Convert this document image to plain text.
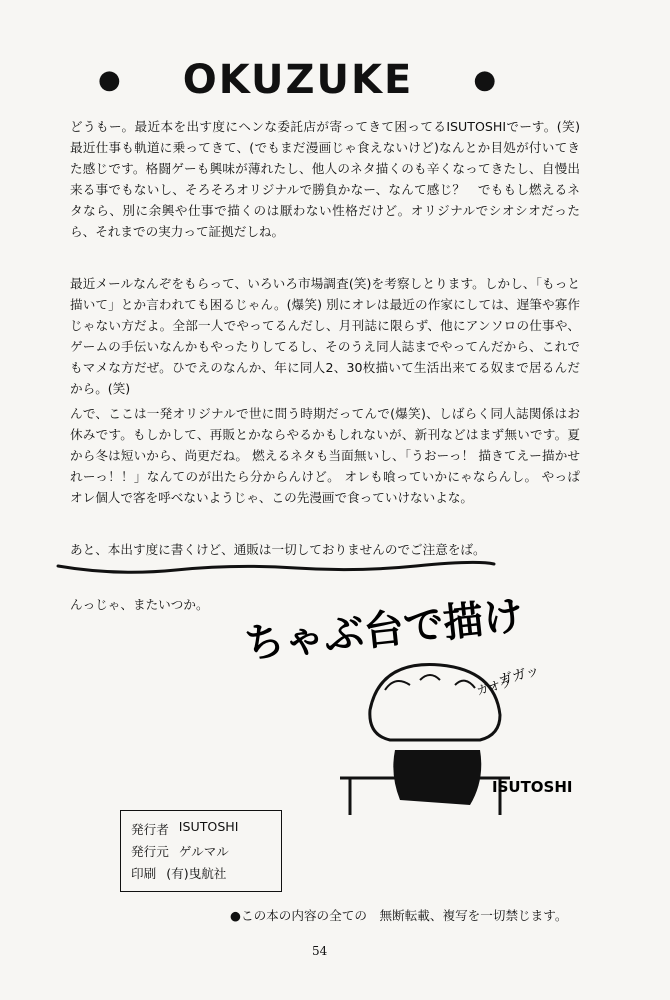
● OKUZUKE ●
どうもー。最近本を出す度にヘンな委託店が寄ってきて困ってるISUTOSHIでーす。(笑) 最近仕事も軌道に乗ってきて、(でもまだ漫画じゃ食えないけど)なんとか目処が付いてきた感じです。格闘ゲーも興味が薄れたし、他人のネタ描くのも辛くなってきたし、自慢出来る事でもないし、そろそろオリジナルで勝負かなー、なんて感じ？　でももし燃えるネタなら、別に余興や仕事で描くのは厭わない性格だけど。オリジナルでシオシオだったら、それまでの実力って証拠だしね。
最近メールなんぞをもらって、いろいろ市場調査(笑)を考察しとります。しかし、「もっと描いて」とか言われても困るじゃん。(爆笑) 別にオレは最近の作家にしては、遅筆や寡作じゃない方だよ。全部一人でやってるんだし、月刊誌に限らず、他にアンソロの仕事や、ゲームの手伝いなんかもやったりしてるし、そのうえ同人誌までやってんだから、これでもマメな方だぜ。ひでえのなんか、年に同人2、30枚描いて生活出来てる奴まで居るんだから。(笑)
んで、ここは一発オリジナルで世に問う時期だってんで(爆笑)、しばらく同人誌関係はお休みです。もしかして、再販とかならやるかもしれないが、新刊などはまず無いです。夏から冬は短いから、尚更だね。 燃えるネタも当面無いし、「うおーっ！ 描きてえー描かせれーっ！！」なんてのが出たら分からんけど。 オレも喰っていかにゃならんし。 やっぱオレ個人で客を呼べないようじゃ、この先漫画で食っていけないよな。
あと、本出す度に書くけど、通販は一切しておりませんのでご注意をば。
んっじゃ、またいつか。 ちゃぶ台で描け
ガガッ
ガオラ
ISUTOSHI
発行者 ISUTOSHI
発行元 ゲルマル
印刷 (有)曳航社
●この本の内容の全ての　無断転載、複写を一切禁じます。
54
